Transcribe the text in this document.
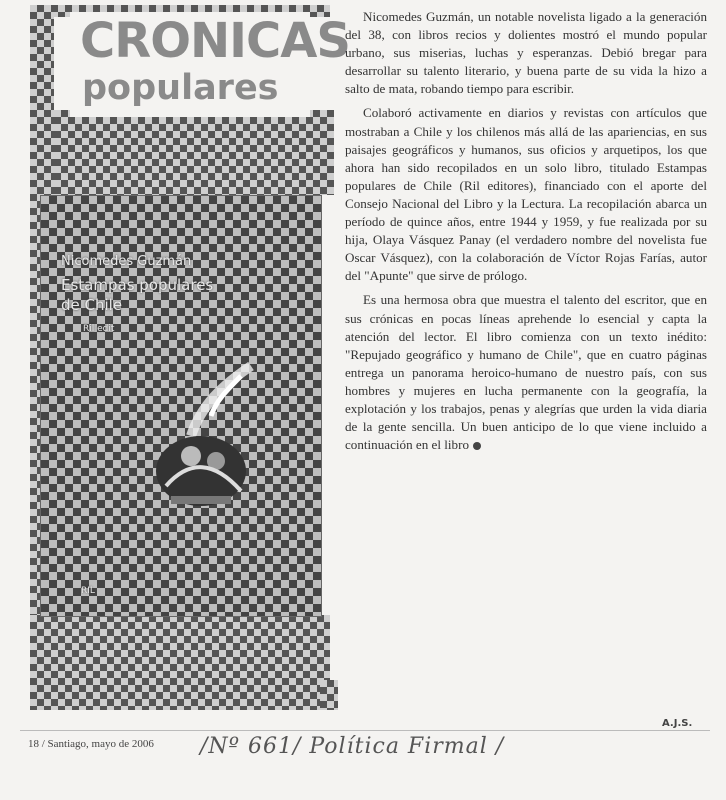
CRONICAS
populares
Nicomedes Guzmán
Estampas populares
de Chile
Ril edit
RIL

Nicomedes Guzmán, un notable novelista ligado a la generación del 38, con libros recios y dolientes mostró el mundo popular urbano, sus miserias, luchas y esperanzas. Debió bregar para desarrollar su talento literario, y buena parte de su vida la hizo a salto de mata, robando tiempo para escribir.

Colaboró activamente en diarios y revistas con artículos que mostraban a Chile y los chilenos más allá de las apariencias, en sus paisajes geográficos y humanos, sus oficios y arquetipos, los que ahora han sido recopilados en un solo libro, titulado Estampas populares de Chile (Ril editores), financiado con el aporte del Consejo Nacional del Libro y la Lectura. La recopilación abarca un período de quince años, entre 1944 y 1959, y fue realizada por su hija, Olaya Vásquez Panay (el verdadero nombre del novelista fue Oscar Vásquez), con la colaboración de Víctor Rojas Farías, autor del "Apunte" que sirve de prólogo.

Es una hermosa obra que muestra el talento del escritor, que en sus crónicas en pocas líneas aprehende lo esencial y capta la atención del lector. El libro comienza con un texto inédito: "Repujado geográfico y humano de Chile", que en cuatro páginas entrega un panorama heroico-humano de nuestro país, con sus hombres y mujeres en lucha permanente con la geografía, la explotación y los trabajos, penas y alegrías que urden la vida diaria de la gente sencilla. Un buen anticipo de lo que viene incluido a continuación en el libro

A.J.S.
18 / Santiago, mayo de 2006 /Nº 661/ Política Firmal /
